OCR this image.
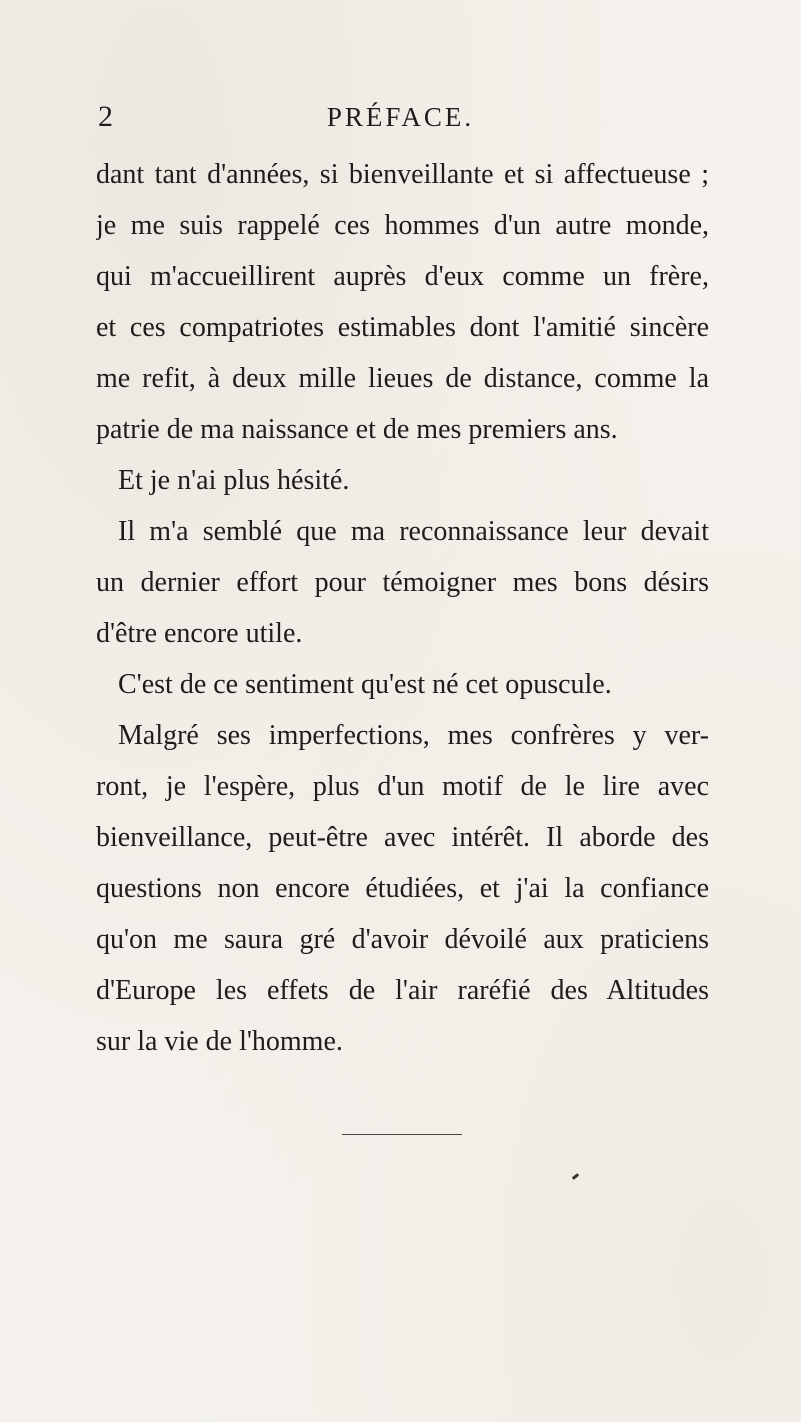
2	PRÉFACE.
dant tant d'années, si bienveillante et si affectueuse ;
je me suis rappelé ces hommes d'un autre monde,
qui m'accueillirent auprès d'eux comme un frère,
et ces compatriotes estimables dont l'amitié sincère
me refit, à deux mille lieues de distance, comme la
patrie de ma naissance et de mes premiers ans.
Et je n'ai plus hésité.
Il m'a semblé que ma reconnaissance leur devait
un dernier effort pour témoigner mes bons désirs
d'être encore utile.
C'est de ce sentiment qu'est né cet opuscule.
Malgré ses imperfections, mes confrères y ver-
ront, je l'espère, plus d'un motif de le lire avec
bienveillance, peut-être avec intérêt. Il aborde des
questions non encore étudiées, et j'ai la confiance
qu'on me saura gré d'avoir dévoilé aux praticiens
d'Europe les effets de l'air raréfié des Altitudes
sur la vie de l'homme.
